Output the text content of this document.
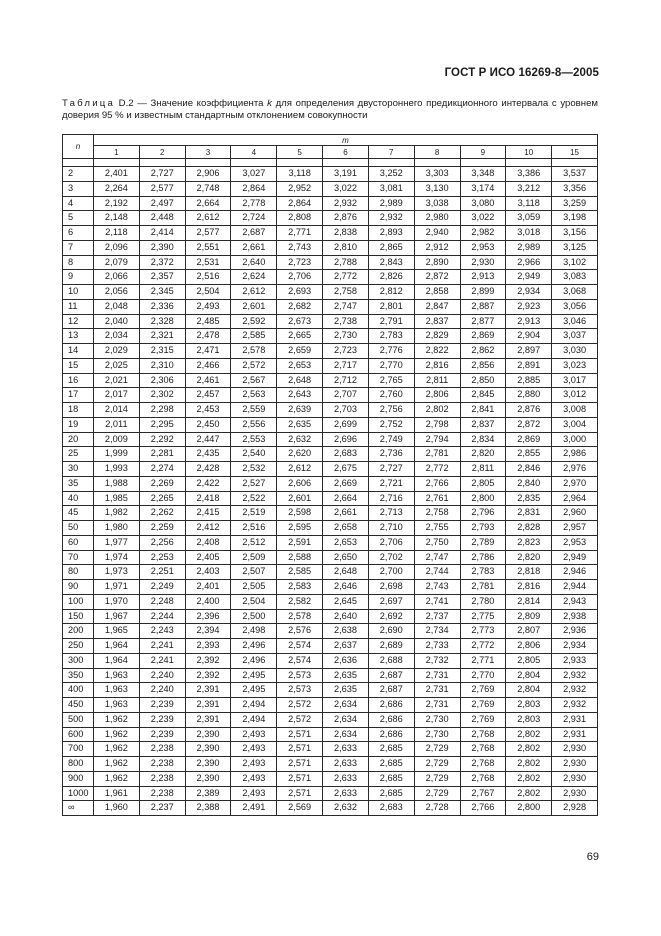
ГОСТ Р ИСО 16269-8—2005
Таблица D.2 — Значение коэффициента k для определения двустороннего предикционного интервала с уровнем доверия 95 % и известным стандартным отклонением совокупности
n	m										
	1	2	3	4	5	6	7	8	9	10	15

2	2,401	2,727	2,906	3,027	3,118	3,191	3,252	3,303	3,348	3,386	3,537
3	2,264	2,577	2,748	2,864	2,952	3,022	3,081	3,130	3,174	3,212	3,356
4	2,192	2,497	2,664	2,778	2,864	2,932	2,989	3,038	3,080	3,118	3,259
5	2,148	2,448	2,612	2,724	2,808	2,876	2,932	2,980	3,022	3,059	3,198
6	2,118	2,414	2,577	2,687	2,771	2,838	2,893	2,940	2,982	3,018	3,156
7	2,096	2,390	2,551	2,661	2,743	2,810	2,865	2,912	2,953	2,989	3,125
8	2,079	2,372	2,531	2,640	2,723	2,788	2,843	2,890	2,930	2,966	3,102
9	2,066	2,357	2,516	2,624	2,706	2,772	2,826	2,872	2,913	2,949	3,083
10	2,056	2,345	2,504	2,612	2,693	2,758	2,812	2,858	2,899	2,934	3,068
11	2,048	2,336	2,493	2,601	2,682	2,747	2,801	2,847	2,887	2,923	3,056
12	2,040	2,328	2,485	2,592	2,673	2,738	2,791	2,837	2,877	2,913	3,046
13	2,034	2,321	2,478	2,585	2,665	2,730	2,783	2,829	2,869	2,904	3,037
14	2,029	2,315	2,471	2,578	2,659	2,723	2,776	2,822	2,862	2,897	3,030
15	2,025	2,310	2,466	2,572	2,653	2,717	2,770	2,816	2,856	2,891	3,023
16	2,021	2,306	2,461	2,567	2,648	2,712	2,765	2,811	2,850	2,885	3,017
17	2,017	2,302	2,457	2,563	2,643	2,707	2,760	2,806	2,845	2,880	3,012
18	2,014	2,298	2,453	2,559	2,639	2,703	2,756	2,802	2,841	2,876	3,008
19	2,011	2,295	2,450	2,556	2,635	2,699	2,752	2,798	2,837	2,872	3,004
20	2,009	2,292	2,447	2,553	2,632	2,696	2,749	2,794	2,834	2,869	3,000
25	1,999	2,281	2,435	2,540	2,620	2,683	2,736	2,781	2,820	2,855	2,986
30	1,993	2,274	2,428	2,532	2,612	2,675	2,727	2,772	2,811	2,846	2,976
35	1,988	2,269	2,422	2,527	2,606	2,669	2,721	2,766	2,805	2,840	2,970
40	1,985	2,265	2,418	2,522	2,601	2,664	2,716	2,761	2,800	2,835	2,964
45	1,982	2,262	2,415	2,519	2,598	2,661	2,713	2,758	2,796	2,831	2,960
50	1,980	2,259	2,412	2,516	2,595	2,658	2,710	2,755	2,793	2,828	2,957
60	1,977	2,256	2,408	2,512	2,591	2,653	2,706	2,750	2,789	2,823	2,953
70	1,974	2,253	2,405	2,509	2,588	2,650	2,702	2,747	2,786	2,820	2,949
80	1,973	2,251	2,403	2,507	2,585	2,648	2,700	2,744	2,783	2,818	2,946
90	1,971	2,249	2,401	2,505	2,583	2,646	2,698	2,743	2,781	2,816	2,944
100	1,970	2,248	2,400	2,504	2,582	2,645	2,697	2,741	2,780	2,814	2,943
150	1,967	2,244	2,396	2,500	2,578	2,640	2,692	2,737	2,775	2,809	2,938
200	1,965	2,243	2,394	2,498	2,576	2,638	2,690	2,734	2,773	2,807	2,936
250	1,964	2,241	2,393	2,496	2,574	2,637	2,689	2,733	2,772	2,806	2,934
300	1,964	2,241	2,392	2,496	2,574	2,636	2,688	2,732	2,771	2,805	2,933
350	1,963	2,240	2,392	2,495	2,573	2,635	2,687	2,731	2,770	2,804	2,932
400	1,963	2,240	2,391	2,495	2,573	2,635	2,687	2,731	2,769	2,804	2,932
450	1,963	2,239	2,391	2,494	2,572	2,634	2,686	2,731	2,769	2,803	2,932
500	1,962	2,239	2,391	2,494	2,572	2,634	2,686	2,730	2,769	2,803	2,931
600	1,962	2,239	2,390	2,493	2,571	2,634	2,686	2,730	2,768	2,802	2,931
700	1,962	2,238	2,390	2,493	2,571	2,633	2,685	2,729	2,768	2,802	2,930
800	1,962	2,238	2,390	2,493	2,571	2,633	2,685	2,729	2,768	2,802	2,930
900	1,962	2,238	2,390	2,493	2,571	2,633	2,685	2,729	2,768	2,802	2,930
1000	1,961	2,238	2,389	2,493	2,571	2,633	2,685	2,729	2,767	2,802	2,930
∞	1,960	2,237	2,388	2,491	2,569	2,632	2,683	2,728	2,766	2,800	2,928
69
